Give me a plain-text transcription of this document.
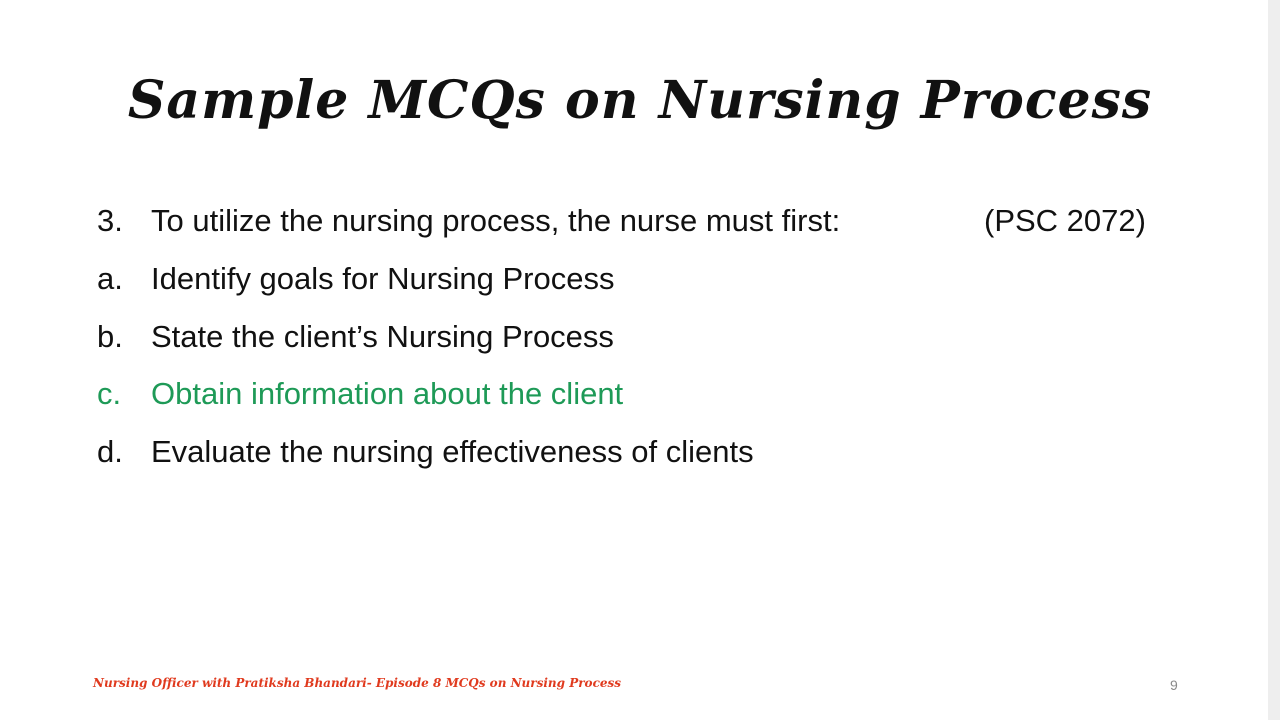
Sample MCQs on Nursing Process
3. To utilize the nursing process, the nurse must first:	(PSC 2072)
a. Identify goals for Nursing Process
b. State the client’s Nursing Process
c. Obtain information about the client
d. Evaluate the nursing effectiveness of clients
Nursing Officer with Pratiksha Bhandari- Episode 8 MCQs on Nursing Process	9
